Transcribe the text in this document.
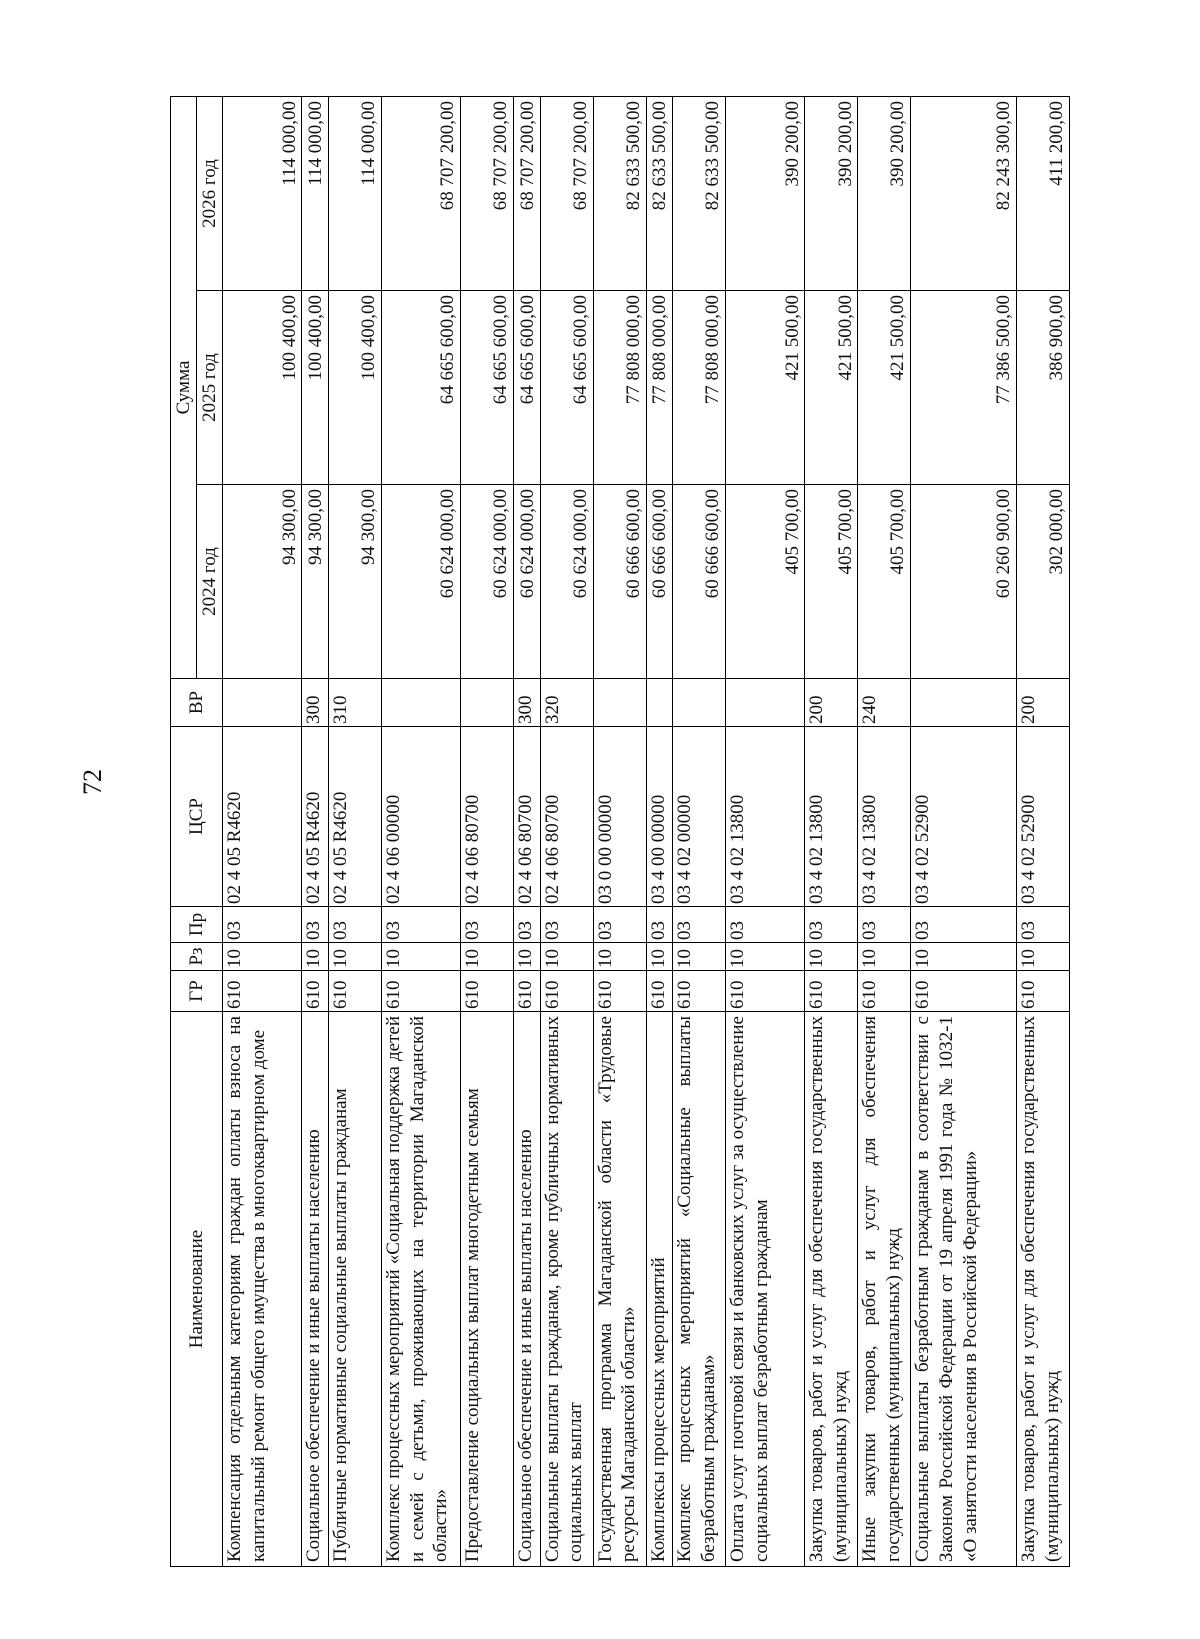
72
Наименование	ГР	Рз	Пр	ЦСР	ВР	Сумма		
						2024 год	2025 год	2026 год
Компенсация отдельным категориям граждан оплаты взноса на капитальный ремонт общего имущества в многоквартирном доме	610	10	03	02 4 05 R4620		94 300,00	100 400,00	114 000,00
Социальное обеспечение и иные выплаты населению	610	10	03	02 4 05 R4620	300	94 300,00	100 400,00	114 000,00
Публичные нормативные социальные выплаты гражданам	610	10	03	02 4 05 R4620	310	94 300,00	100 400,00	114 000,00
Комплекс процессных мероприятий «Социальная поддержка детей и семей с детьми, проживающих на территории Магаданской области»	610	10	03	02 4 06 00000		60 624 000,00	64 665 600,00	68 707 200,00
Предоставление социальных выплат многодетным семьям	610	10	03	02 4 06 80700		60 624 000,00	64 665 600,00	68 707 200,00
Социальное обеспечение и иные выплаты населению	610	10	03	02 4 06 80700	300	60 624 000,00	64 665 600,00	68 707 200,00
Социальные выплаты гражданам, кроме публичных нормативных социальных выплат	610	10	03	02 4 06 80700	320	60 624 000,00	64 665 600,00	68 707 200,00
Государственная программа Магаданской области «Трудовые ресурсы Магаданской области»	610	10	03	03 0 00 00000		60 666 600,00	77 808 000,00	82 633 500,00
Комплексы процессных мероприятий	610	10	03	03 4 00 00000		60 666 600,00	77 808 000,00	82 633 500,00
Комплекс процессных мероприятий «Социальные выплаты безработным гражданам»	610	10	03	03 4 02 00000		60 666 600,00	77 808 000,00	82 633 500,00
Оплата услуг почтовой связи и банковских услуг за осуществление социальных выплат безработным гражданам	610	10	03	03 4 02 13800		405 700,00	421 500,00	390 200,00
Закупка товаров, работ и услуг для обеспечения государственных (муниципальных) нужд	610	10	03	03 4 02 13800	200	405 700,00	421 500,00	390 200,00
Иные закупки товаров, работ и услуг для обеспечения государственных (муниципальных) нужд	610	10	03	03 4 02 13800	240	405 700,00	421 500,00	390 200,00
Социальные выплаты безработным гражданам в соответствии с Законом Российской Федерации от 19 апреля 1991 года № 1032-1 «О занятости населения в Российской Федерации»	610	10	03	03 4 02 52900		60 260 900,00	77 386 500,00	82 243 300,00
Закупка товаров, работ и услуг для обеспечения государственных (муниципальных) нужд	610	10	03	03 4 02 52900	200	302 000,00	386 900,00	411 200,00
